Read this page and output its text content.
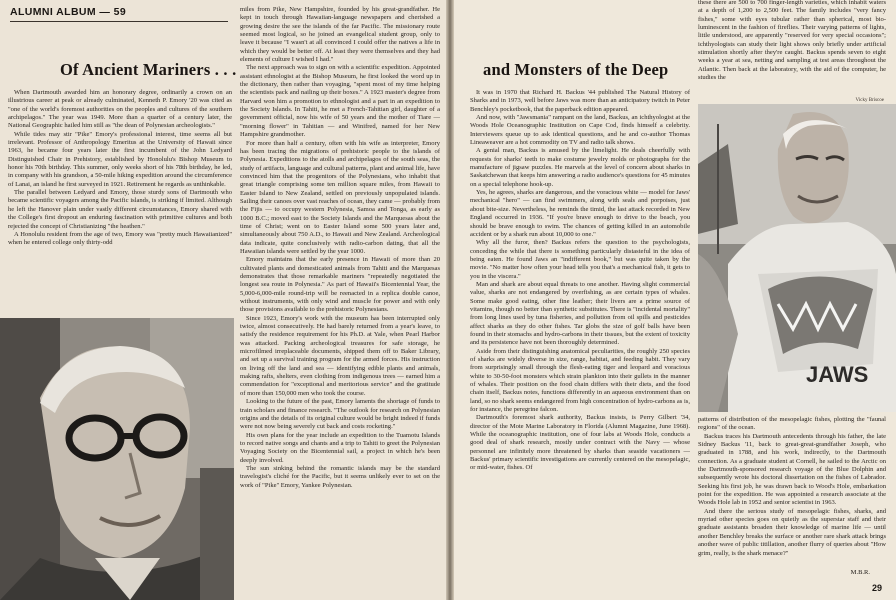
ALUMNI ALBUM — 59
Of Ancient Mariners . . .

When Dartmouth awarded him an honorary degree, ordinarily a crown on an illustrious career at peak or already culminated, Kenneth P. Emory '20 was cited as "one of the world's foremost authorities on the peoples and cultures of the southern archipelagos." The year was 1949. More than a quarter of a century later, the National Geographic hailed him still as "the dean of Polynesian archeologists."

While tides may stir "Pike" Emory's professional interest, time seems all but irrelevant. Professor of Anthropology Emeritus at the University of Hawaii since 1963, he became four years later the first incumbent of the John Ledyard Distinguished Chair in Prehistory, established by Honolulu's Bishop Museum to honor his 70th birthday. This summer, only weeks short of his 78th birthday, he led, in company with his grandson, a 50-mile hiking expedition around the circumference of Lanai, an island he first surveyed in 1921. Retirement he regards as unthinkable.

The parallel between Ledyard and Emory, those sturdy sons of Dartmouth who became scientific voyagers among the Pacific islands, is striking if limited. Although he left the Hanover plain under vastly different circumstances, Emory shared with the College's first dropout an enduring fascination with primitive cultures and both rejected the concept of Christianizing "the heathen."

A Honolulu resident from the age of two, Emory was "pretty much Hawaiianized" when he entered college only thirty-odd

miles from Pike, New Hampshire, founded by his great-grandfather. He kept in touch through Hawaiian-language newspapers and cherished a growing desire the see the islands of the far Pacific. The missionary route seemed most logical, so he joined an evangelical student group, only to leave it because "I wasn't at all convinced I could offer the natives a life in which they would be better off. At least they were themselves and they had elements of culture I wished I had."

The next approach was to sign on with a scientific expedition. Appointed assistant ethnologist at the Bishop Museum, he first looked the word up in the dictionary, then rather than voyaging, "spent most of my time helping the scientists pack and nailing up their boxes." A 1923 master's degree from Harvard won him a promotion to ethnologist and a part in an expedition to the Society Islands. In Tahiti, he met a French-Tahitian girl, daughter of a government official, now his wife of 50 years and the mother of Tiare — "morning flower" in Tahitian — and Winifred, named for her New Hampshire grandmother.

For more than half a century, often with his wife as interpreter, Emory has been tracing the migrations of prehistoric people to the islands of Polynesia. Expeditions to the atolls and archipelagos of the south seas, the study of artifacts, language and cultural patterns, plant and animal life, have convinced him that the progenitors of the Polynesians, who inhabit that great triangle comprising some ten million square miles, from Hawaii to Easter Island to New Zealand, settled on previously unpopulated islands. Sailing their canoes over vast reaches of ocean, they came — probably from the Fijis — to occupy western Polynesia, Samoa and Tonga, as early as 1000 B.C.; moved east to the Society Islands and the Marquesas about the time of Christ; went on to Easter Island some 500 years later and, simultaneously about 750 A.D., to Hawaii and New Zealand. Archeological data indicate, quite conclusively with radio-carbon dating, that all the Hawaiian islands were settled by the year 1000.

Emory maintains that the early presence in Hawaii of more than 20 cultivated plants and domesticated animals from Tahiti and the Marquesas demonstrates that those remarkable mariners "repeatedly negotiated the longest sea route in Polynesia." As part of Hawaii's Bicentennial Year, the 5,000-6,000-mile round-trip will be reenacted in a replica double canoe, without instruments, with only wind and muscle for power and with only those provisions available to the prehistoric Polynesians.

Since 1923, Emory's work with the museum has been interrupted only twice, almost consecutively. He had barely returned from a year's leave, to satisfy the residence requirement for his Ph.D. at Yale, when Pearl Harbor was attacked. Packing archeological treasures for safe storage, he microfilmed irreplaceable documents, shipped them off to Baker Library, and set up a survival training program for the armed forces. His instruction on living off the land and sea — identifying edible plants and animals, making rafts, shelters, even clothing from indigenous trees — earned him a commendation for "exceptional and meritorious service" and the gratitude of more than 150,000 men who took the course.

Looking to the future of the past, Emory laments the shortage of funds to train scholars and finance research. "The outlook for research on Polynesian origins and the details of its original culture would be bright indeed if funds were not now being severely cut back and costs rocketing."

His own plans for the year include an expedition to the Tuamotu Islands to record native songs and chants and a trip to Tahiti to greet the Polynesian Voyaging Society on the Bicentennial sail, a project in which he's been deeply involved.

The sun sinking behind the romantic islands may be the standard travelogist's cliché for the Pacific, but it seems unlikely ever to set on the work of "Pike" Emory, Yankee Polynesian.

and Monsters of the Deep

It was in 1970 that Richard H. Backus '44 published The Natural History of Sharks and in 1973, well before Jaws was more than an anticipatory twitch in Peter Benchley's pocketbook, that the paperback edition appeared.

And now, with "Jawsmania" rampant on the land, Backus, an ichthyologist at the Woods Hole Oceanographic Institution on Cape Cod, finds himself a celebrity. Interviewers queue up to ask identical questions, and he and co-author Thomas Lineaweaver are a hot commodity on TV and radio talk shows.

A genial man, Backus is amused by the limelight. He deals cheerfully with requests for sharks' teeth to make costume jewelry molds or photographs for the manufacture of jigsaw puzzles. He marvels at the level of concern about sharks in Saskatchewan that keeps him answering a radio audience's questions for 45 minutes on a special telephone hook-up.

Yes, he agrees, sharks are dangerous, and the voracious white — model for Jaws' mechanical "hero" — can find swimmers, along with seals and porpoises, just about bite-size. Nevertheless, he reminds the timid, the last attack recorded in New England occurred in 1936. "If you're brave enough to drive to the beach, you should be brave enough to swim. The chances of getting killed in an automobile accident or by a shark run about 10,000 to one."

Why all the furor, then? Backus refers the question to the psychologists, conceding the while that there is something particularly distasteful in the idea of being eaten. He found Jaws an "indifferent book," but was quite taken by the movie. "No matter how often your head tells you that's a mechanical fish, it gets to you in the viscera."

Man and shark are about equal threats to one another. Having slight commercial value, sharks are not endangered by overfishing, as are certain types of whales. Some make good eating, other fine leather; their livers are a prime source of vitamins, though no better than synthetic substitutes. There is "incidental mortality" from long lines used by tuna fisheries, and pollution from oil spills and pesticides affect sharks as they do other fishes. Tar globs the size of golf balls have been found in their stomachs and hydro-carbons in their tissues, but the extent of toxicity and its persistence have not been thoroughly determined.

Aside from their distinguishing anatomical peculiarities, the roughly 250 species of sharks are widely diverse in size, range, habitat, and feeding habit. They vary from surprisingly small through the flesh-eating tiger and leopard and voracious white to 30-50-foot monsters which strain plankton into their gullets in the manner of whales. Their position on the food chain differs with their diets, and the food chain itself, Backus notes, functions differently in an aqueous environment than on land, so no shark seems endangered from high concentration of hydro-carbons as is, for instance, the peregrine falcon.

Dartmouth's foremost shark authority, Backus insists, is Perry Gilbert '34, director of the Mote Marine Laboratory in Florida (Alumni Magazine, June 1968). While the oceanographic institution, one of four labs at Woods Hole, conducts a good deal of shark research, mostly under contract with the Navy — whose personnel are infinitely more threatened by sharks than seaside vacationers — Backus' primary scientific investigations are currently centered on the mesopelagic, or mid-water, fishes. Of

these there are 500 to 700 finger-length varieties, which inhabit waters at a depth of 1,200 to 2,500 feet. The family includes "very fancy fishes," some with eyes tubular rather than spherical, most bio-luminescent in the fashion of fireflies. Their varying patterns of lights, little understood, are apparently "reserved for very special occasions"; ichthyologists can study their light shows only briefly under artificial stimulation shortly after they're caught. Backus spends seven to eight weeks a year at sea, netting and sampling at test areas throughout the Atlantic. Then back at the laboratory, with the aid of the computer, he studies the

Vicky Briscoe
JAWS

patterns of distribution of the mesopelagic fishes, plotting the "faunal regions" of the ocean.

Backus traces his Dartmouth antecedents through his father, the late Sidney Backus '11, back to great-great-grandfather Joseph, who graduated in 1788, and his work, indirectly, to the Dartmouth connection. As a graduate student at Cornell, he sailed to the Arctic on the Dartmouth-sponsored research voyage of the Blue Dolphin and subsequently wrote his doctoral dissertation on the fishes of Labrador. Seeking his first job, he was drawn back to Wood's Hole, embarkation point for the expedition. He was appointed a research associate at the Woods Hole lab in 1952 and senior scientist in 1963.

And there the serious study of mesopelagic fishes, sharks, and myriad other species goes on quietly as the superstar staff and their graduate assistants broaden their knowledge of marine life — until another Benchley breaks the surface or another rare shark attack brings another wave of public titillation, another flurry of queries about "How grim, really, is the shark menace?"

M.B.R.
29
